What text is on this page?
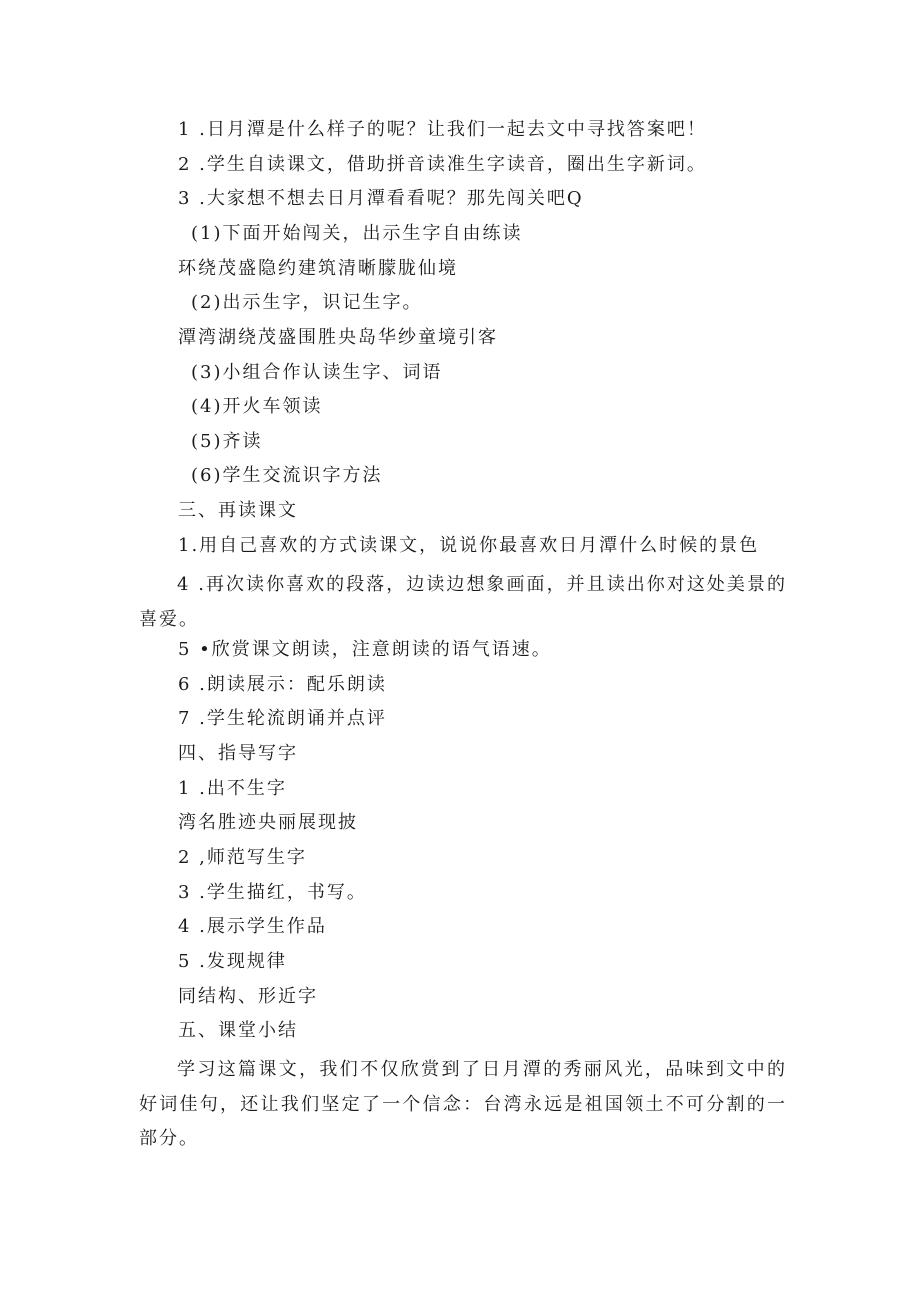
1 .日月潭是什么样子的呢？让我们一起去文中寻找答案吧！
2 .学生自读课文，借助拼音读准生字读音，圈出生字新词。
3 .大家想不想去日月潭看看呢？那先闯关吧Q
(1)下面开始闯关，出示生字自由练读
环绕茂盛隐约建筑清晰朦胧仙境
(2)出示生字，识记生字。
潭湾湖绕茂盛围胜央岛华纱童境引客
(3)小组合作认读生字、词语
(4)开火车领读
(5)齐读
(6)学生交流识字方法
三、再读课文
1.用自己喜欢的方式读课文，说说你最喜欢日月潭什么时候的景色
4 .再次读你喜欢的段落，边读边想象画面，并且读出你对这处美景的喜爱。
5 •欣赏课文朗读，注意朗读的语气语速。
6 .朗读展示：配乐朗读
7 .学生轮流朗诵并点评
四、指导写字
1 .出不生字
湾名胜迹央丽展现披
2 ,师范写生字
3 .学生描红，书写。
4 .展示学生作品
5 .发现规律
同结构、形近字
五、课堂小结
学习这篇课文，我们不仅欣赏到了日月潭的秀丽风光，品味到文中的好词佳句，还让我们坚定了一个信念：台湾永远是祖国领土不可分割的一部分。
